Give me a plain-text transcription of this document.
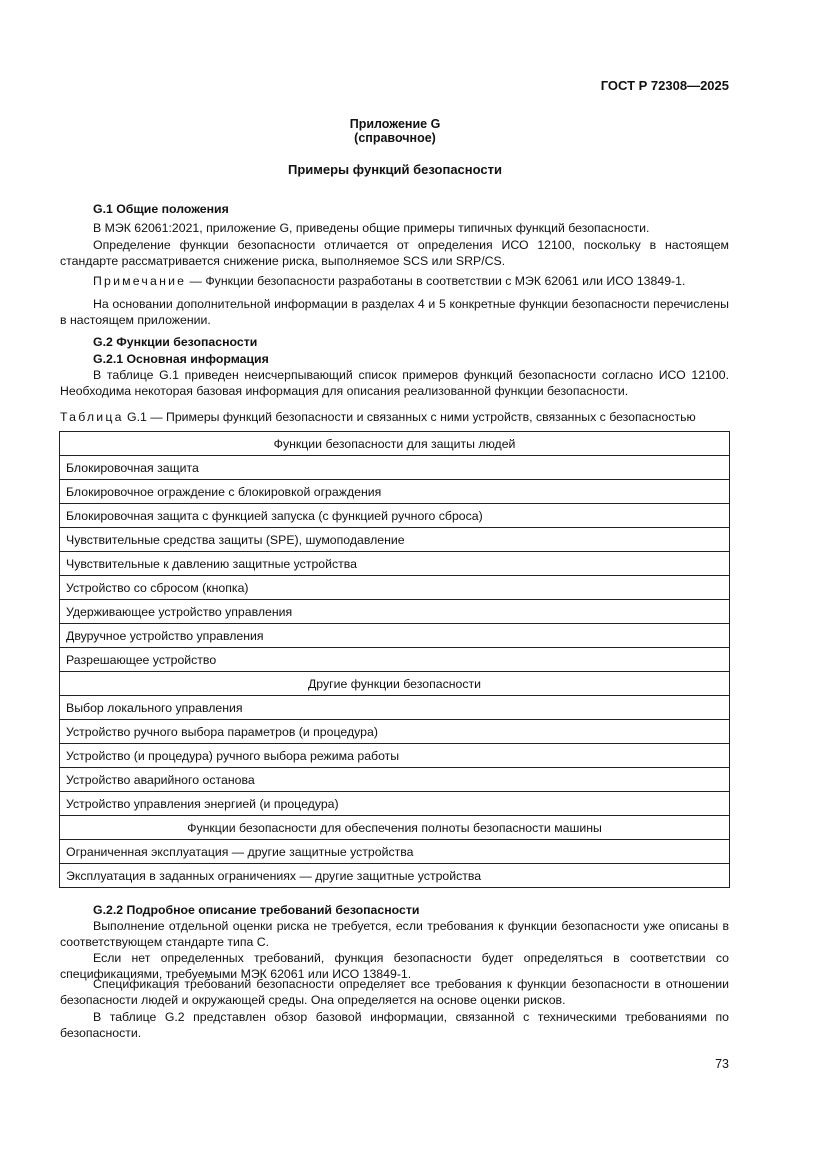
ГОСТ Р 72308—2025
Приложение G
(справочное)
Примеры функций безопасности
G.1 Общие положения

В МЭК 62061:2021, приложение G, приведены общие примеры типичных функций безопасности.

Определение функции безопасности отличается от определения ИСО 12100, поскольку в настоящем стандарте рассматривается снижение риска, выполняемое SCS или SRP/CS.

Примечание — Функции безопасности разработаны в соответствии с МЭК 62061 или ИСО 13849-1.

На основании дополнительной информации в разделах 4 и 5 конкретные функции безопасности перечислены в настоящем приложении.

G.2 Функции безопасности
G.2.1 Основная информация

В таблице G.1 приведен неисчерпывающий список примеров функций безопасности согласно ИСО 12100. Необходима некоторая базовая информация для описания реализованной функции безопасности.

Таблица G.1 — Примеры функций безопасности и связанных с ними устройств, связанных с безопасностью
Функции безопасности для защиты людей
Блокировочная защита
Блокировочное ограждение с блокировкой ограждения
Блокировочная защита с функцией запуска (с функцией ручного сброса)
Чувствительные средства защиты (SPE), шумоподавление
Чувствительные к давлению защитные устройства
Устройство со сбросом (кнопка)
Удерживающее устройство управления
Двуручное устройство управления
Разрешающее устройство
Другие функции безопасности
Выбор локального управления
Устройство ручного выбора параметров (и процедура)
Устройство (и процедура) ручного выбора режима работы
Устройство аварийного останова
Устройство управления энергией (и процедура)
Функции безопасности для обеспечения полноты безопасности машины
Ограниченная эксплуатация — другие защитные устройства
Эксплуатация в заданных ограничениях — другие защитные устройства
G.2.2 Подробное описание требований безопасности

Выполнение отдельной оценки риска не требуется, если требования к функции безопасности уже описаны в соответствующем стандарте типа C.

Если нет определенных требований, функция безопасности будет определяться в соответствии со спецификациями, требуемыми МЭК 62061 или ИСО 13849-1.

Спецификация требований безопасности определяет все требования к функции безопасности в отношении безопасности людей и окружающей среды. Она определяется на основе оценки рисков.

В таблице G.2 представлен обзор базовой информации, связанной с техническими требованиями по безопасности.

73
